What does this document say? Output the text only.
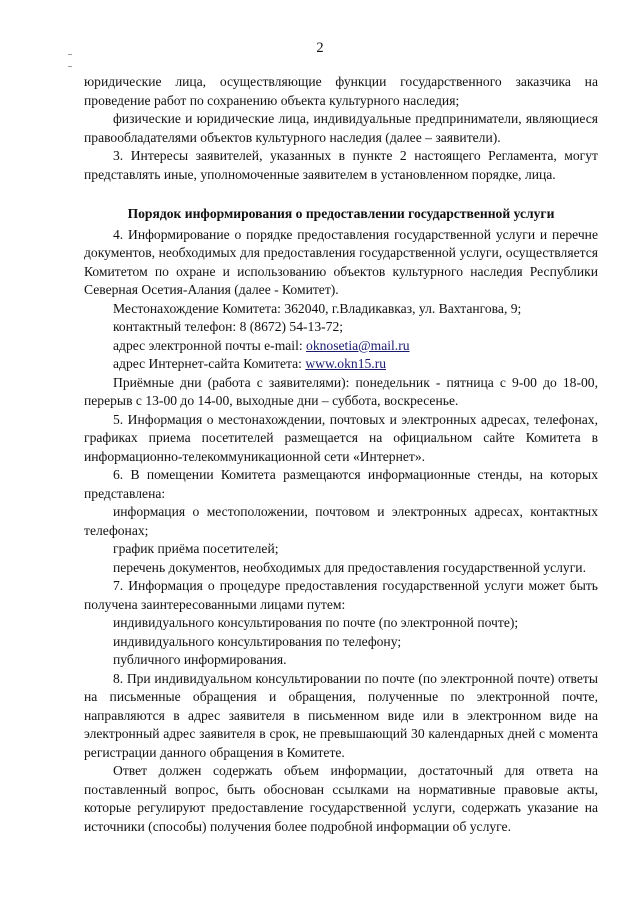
2

юридические лица, осуществляющие функции государственного заказчика на проведение работ по сохранению объекта культурного наследия;

физические и юридические лица, индивидуальные предприниматели, являющиеся правообладателями объектов культурного наследия (далее – заявители).

3. Интересы заявителей, указанных в пункте 2 настоящего Регламента, могут представлять иные, уполномоченные заявителем в установленном порядке, лица.

Порядок информирования о предоставлении государственной услуги

4. Информирование о порядке предоставления государственной услуги и перечне документов, необходимых для предоставления государственной услуги, осуществляется Комитетом по охране и использованию объектов культурного наследия Республики Северная Осетия-Алания (далее - Комитет).

Местонахождение Комитета: 362040, г.Владикавказ, ул. Вахтангова, 9;

контактный телефон: 8 (8672) 54-13-72;

адрес электронной почты e-mail: oknosetia@mail.ru

адрес Интернет-сайта Комитета: www.okn15.ru

Приёмные дни (работа с заявителями): понедельник - пятница с 9-00 до 18-00, перерыв с 13-00 до 14-00, выходные дни – суббота, воскресенье.

5. Информация о местонахождении, почтовых и электронных адресах, телефонах, графиках приема посетителей размещается на официальном сайте Комитета в информационно-телекоммуникационной сети «Интернет».

6. В помещении Комитета размещаются информационные стенды, на которых представлена:

информация о местоположении, почтовом и электронных адресах, контактных телефонах;

график приёма посетителей;

перечень документов, необходимых для предоставления государственной услуги.

7. Информация о процедуре предоставления государственной услуги может быть получена заинтересованными лицами путем:

индивидуального консультирования по почте (по электронной почте);

индивидуального консультирования по телефону;

публичного информирования.

8. При индивидуальном консультировании по почте (по электронной почте) ответы на письменные обращения и обращения, полученные по электронной почте, направляются в адрес заявителя в письменном виде или в электронном виде на электронный адрес заявителя в срок, не превышающий 30 календарных дней с момента регистрации данного обращения в Комитете.

Ответ должен содержать объем информации, достаточный для ответа на поставленный вопрос, быть обоснован ссылками на нормативные правовые акты, которые регулируют предоставление государственной услуги, содержать указание на источники (способы) получения более подробной информации об услуге.
